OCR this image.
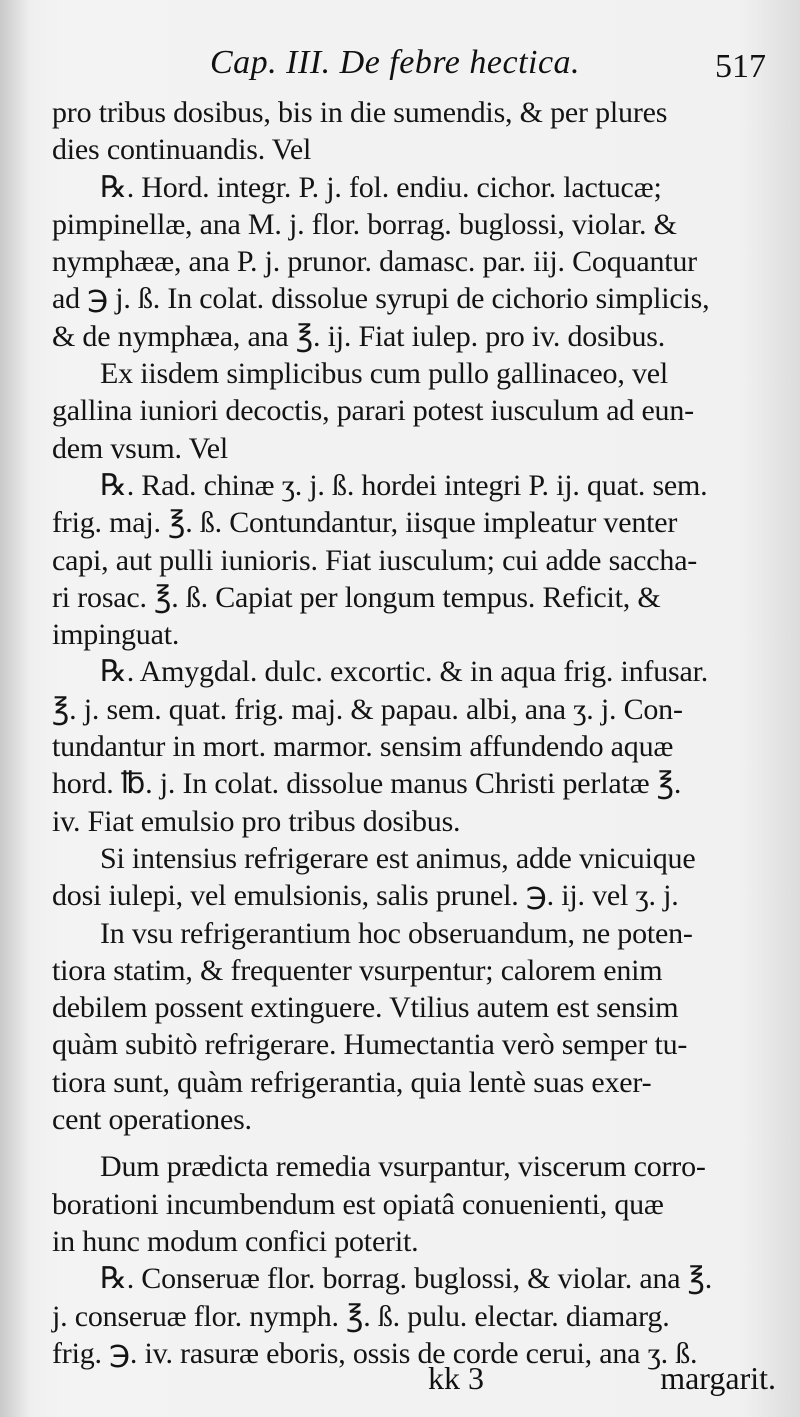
Cap. III. De febre hectica.	517
pro tribus dosibus, bis in die sumendis, & per plures
dies continuandis. Vel
℞. Hord. integr. P. j. fol. endiu. cichor. lactucæ;
pimpinellæ, ana M. j. flor. borrag. buglossi, violar. &
nymphææ, ana P. j. prunor. damasc. par. iij. Coquantur
ad ℈ j. ß. In colat. dissolue syrupi de cichorio simplicis,
& de nymphæa, ana ℥. ij. Fiat iulep. pro iv. dosibus.
Ex iisdem simplicibus cum pullo gallinaceo, vel
gallina iuniori decoctis, parari potest iusculum ad eun-
dem vsum. Vel
℞. Rad. chinæ ʒ. j. ß. hordei integri P. ij. quat. sem.
frig. maj. ℥. ß. Contundantur, iisque impleatur venter
capi, aut pulli iunioris. Fiat iusculum; cui adde saccha-
ri rosac. ℥. ß. Capiat per longum tempus. Reficit, &
impinguat.
℞. Amygdal. dulc. excortic. & in aqua frig. infusar.
℥. j. sem. quat. frig. maj. & papau. albi, ana ʒ. j. Con-
tundantur in mort. marmor. sensim affundendo aquæ
hord. ℔. j. In colat. dissolue manus Christi perlatæ ℥.
iv. Fiat emulsio pro tribus dosibus.
Si intensius refrigerare est animus, adde vnicuique
dosi iulepi, vel emulsionis, salis prunel. ℈. ij. vel ʒ. j.
In vsu refrigerantium hoc obseruandum, ne poten-
tiora statim, & frequenter vsurpentur; calorem enim
debilem possent extinguere. Vtilius autem est sensim
quàm subitò refrigerare. Humectantia verò semper tu-
tiora sunt, quàm refrigerantia, quia lentè suas exer-
cent operationes.
Dum prædicta remedia vsurpantur, viscerum corro-
borationi incumbendum est opiatâ conuenienti, quæ
in hunc modum confici poterit.
℞. Conseruæ flor. borrag. buglossi, & violar. ana ℥.
j. conseruæ flor. nymph. ℥. ß. pulu. electar. diamarg.
frig. ℈. iv. rasuræ eboris, ossis de corde cerui, ana ʒ. ß.
kk 3	margarit.
